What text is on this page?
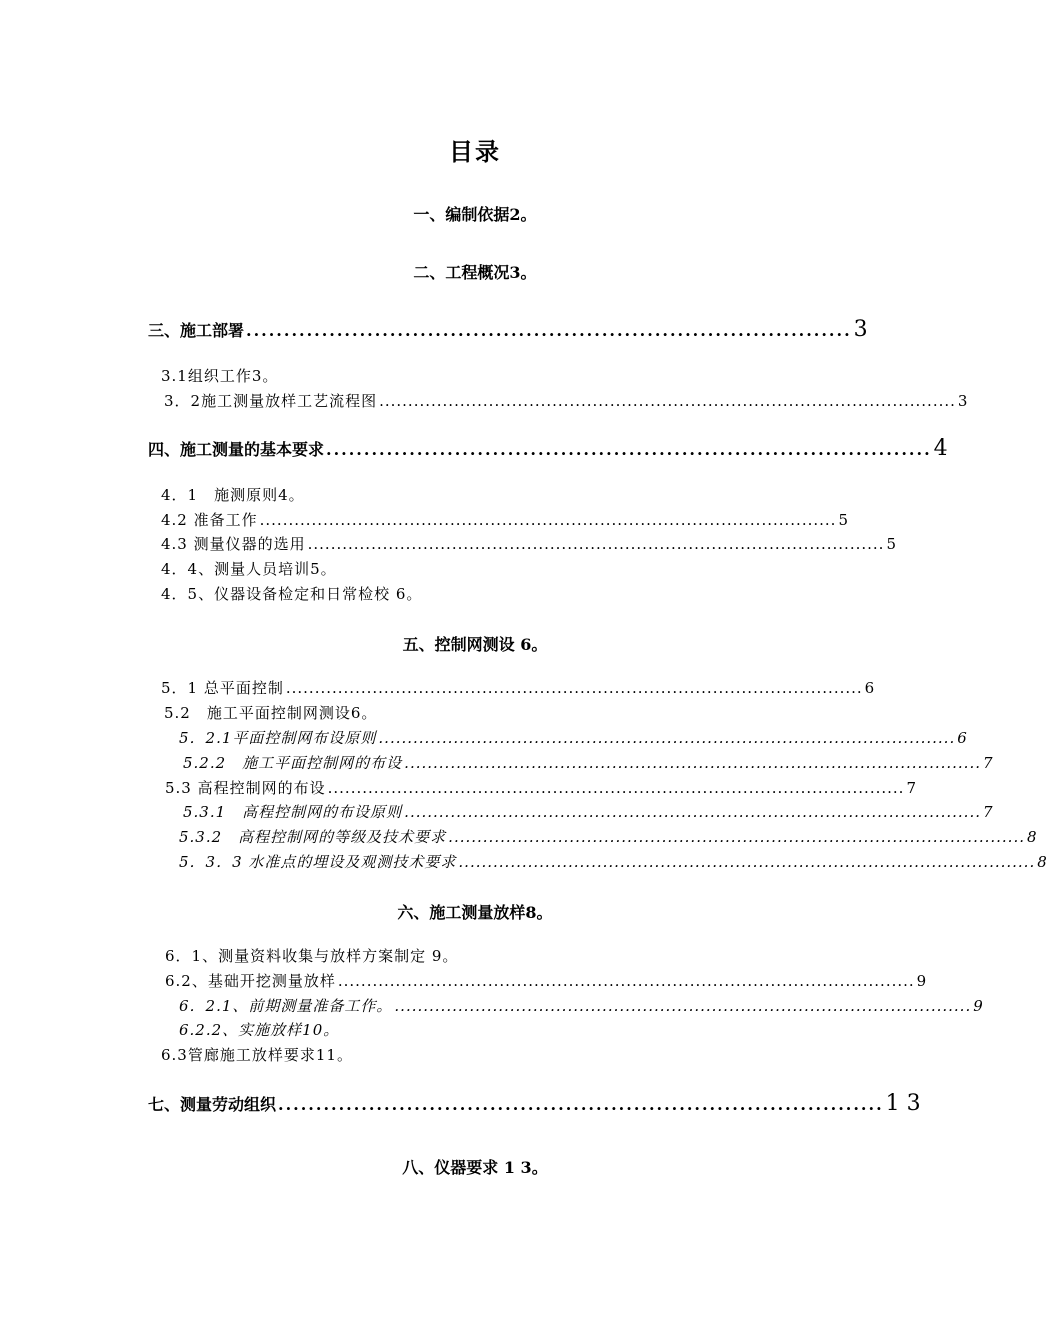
目录
一、编制依据2。
二、工程概况3。
三、施工部署 ................................................................................ 3
3.1组织工作3。
3．2施工测量放样工艺流程图 .................................................................................................... 3
四、施工测量的基本要求 ................................................................................ 4
4．1　施测原则4。
4.2 准备工作 .................................................................................................... 5
4.3 测量仪器的选用 .................................................................................................... 5
4．4、测量人员培训5。
4．5、仪器设备检定和日常检校 6。
五、控制网测设 6。
5．1 总平面控制 .................................................................................................... 6
5.2　施工平面控制网测设6。
5．2.1平面控制网布设原则 .................................................................................................... 6
5.2.2　施工平面控制网的布设 .................................................................................................... 7
5.3 高程控制网的布设 .................................................................................................... 7
5.3.1　高程控制网的布设原则 .................................................................................................... 7
5.3.2　高程控制网的等级及技术要求 .................................................................................................... 8
5．3．3 水准点的埋设及观测技术要求 .................................................................................................... 8
六、施工测量放样8。
6．1、测量资料收集与放样方案制定 9。
6.2、基础开挖测量放样 .................................................................................................... 9
6．2.1、前期测量准备工作。 .................................................................................................... 9
6.2.2、实施放样10。
6.3管廊施工放样要求11。
七、测量劳动组织 ................................................................................ 1 3
八、仪器要求 1 3。
